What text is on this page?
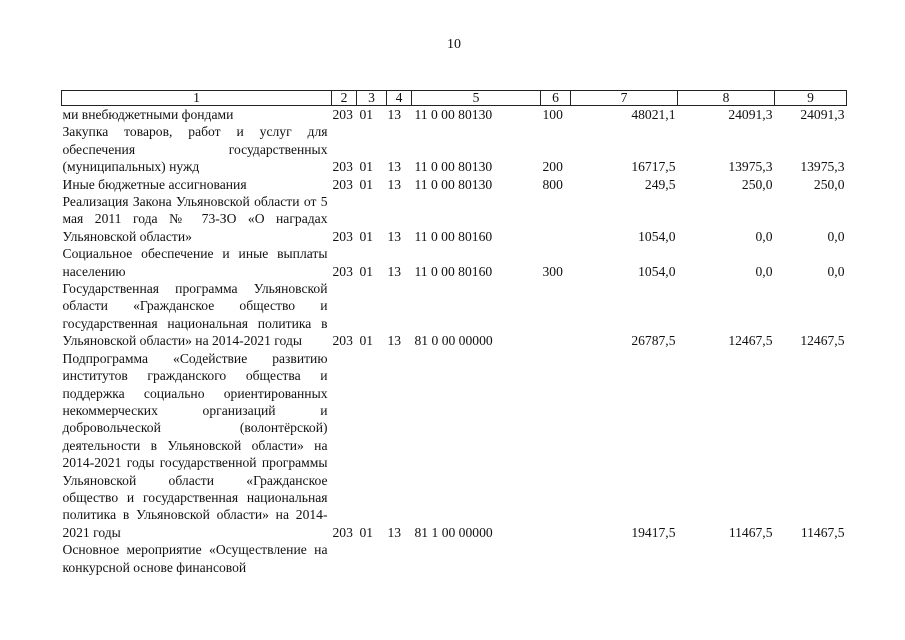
10
1	2	3	4	5	6	7	8	9
ми внебюджетными фондами	203	01	13	11 0 00 80130	100	48021,1	24091,3	24091,3
Закупка товаров, работ и услуг для обеспечения государственных (муниципальных) нужд	203	01	13	11 0 00 80130	200	16717,5	13975,3	13975,3
Иные бюджетные ассигнования	203	01	13	11 0 00 80130	800	249,5	250,0	250,0
Реализация Закона Ульяновской области от 5 мая 2011 года № 73-ЗО «О наградах Ульяновской области»	203	01	13	11 0 00 80160		1054,0	0,0	0,0
Социальное обеспечение и иные выплаты населению	203	01	13	11 0 00 80160	300	1054,0	0,0	0,0
Государственная программа Ульяновской области «Гражданское общество и государственная национальная политика в Ульяновской области» на 2014-2021 годы	203	01	13	81 0 00 00000		26787,5	12467,5	12467,5
Подпрограмма «Содействие развитию институтов гражданского общества и поддержка социально ориентированных некоммерческих организаций и добровольческой (волонтёрской) деятельности в Ульяновской области» на 2014-2021 годы государственной программы Ульяновской области «Гражданское общество и государственная национальная политика в Ульяновской области» на 2014-2021 годы	203	01	13	81 1 00 00000		19417,5	11467,5	11467,5
Основное мероприятие «Осуществление на конкурсной основе финансовой								
